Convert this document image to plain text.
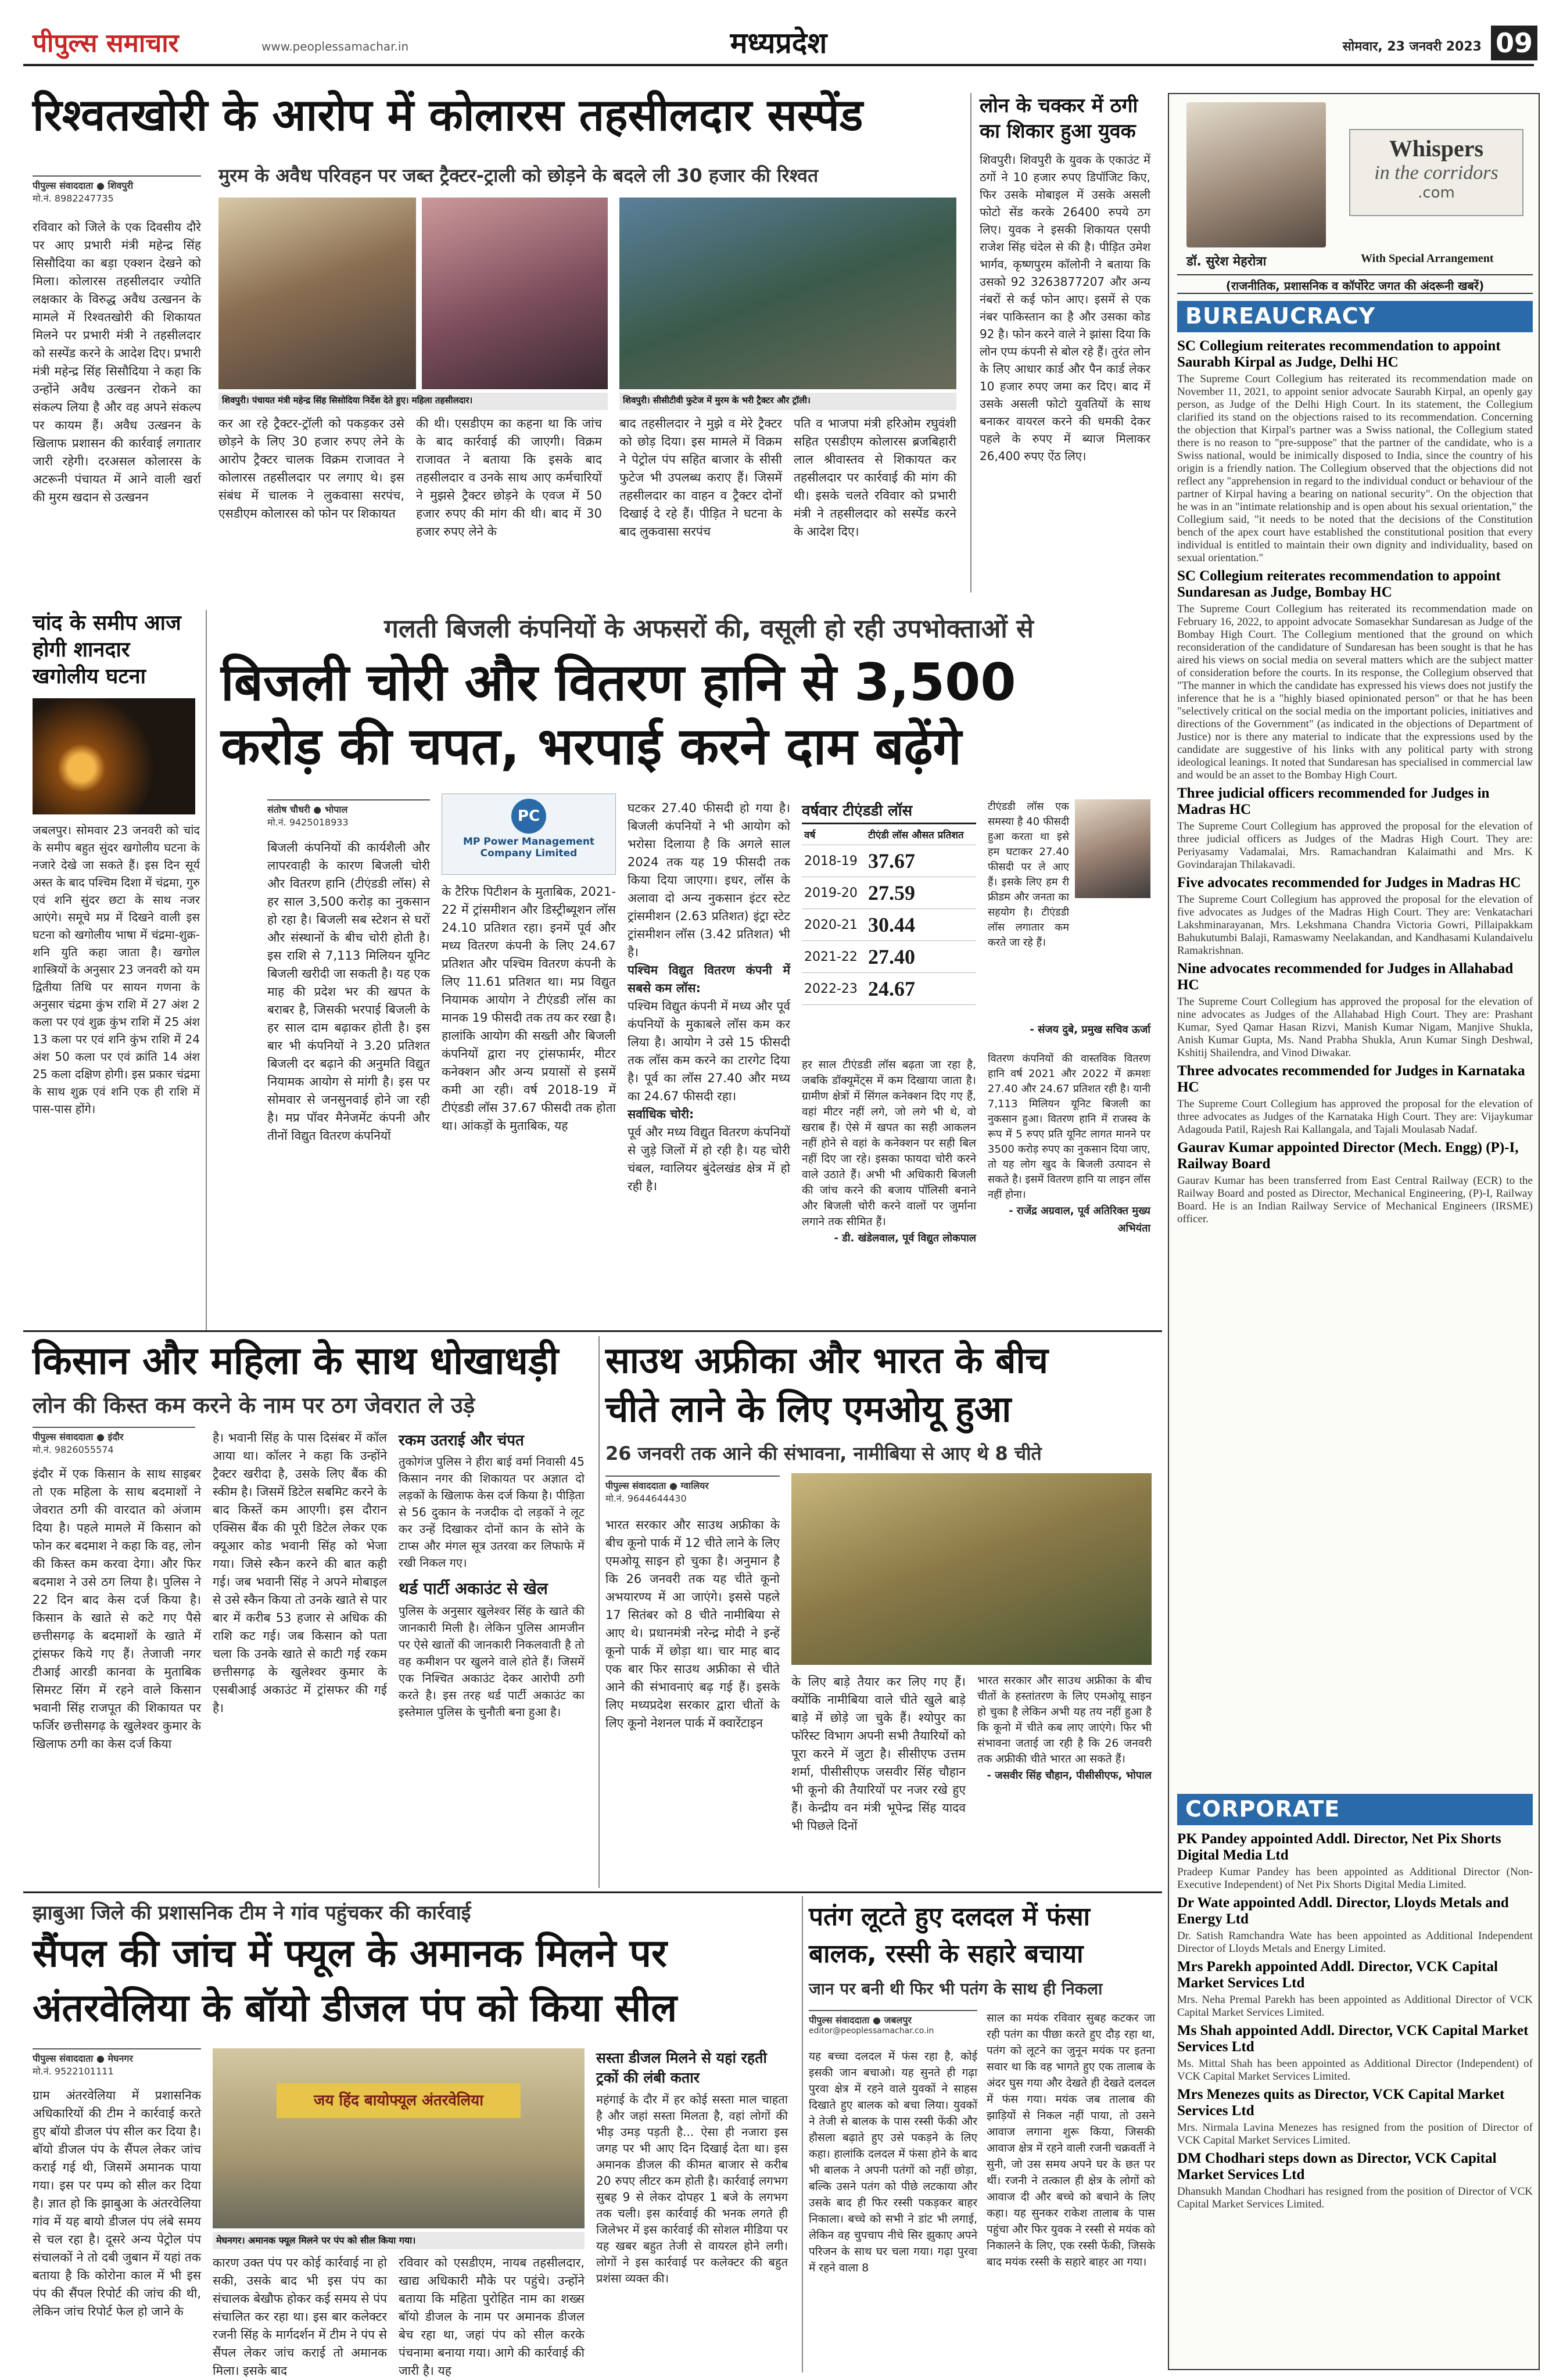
पीपुल्स समाचार	www.peoplessamachar.in	मध्यप्रदेश	सोमवार, 23 जनवरी 2023 09
रिश्वतखोरी के आरोप में कोलारस तहसीलदार सस्पेंड
मुरम के अवैध परिवहन पर जब्त ट्रैक्टर-ट्राली को छोड़ने के बदले ली 30 हजार की रिश्वत
पीपुल्स संवाददाता ● शिवपुरी
मो.नं. 8982247735
रविवार को जिले के एक दिवसीय दौरे पर आए प्रभारी मंत्री महेन्द्र सिंह सिसौदिया का बड़ा एक्शन देखने को मिला। कोलारस तहसीलदार ज्योति लक्षकार के विरुद्ध अवैध उत्खनन के मामले में रिश्वतखोरी की शिकायत मिलने पर प्रभारी मंत्री ने तहसीलदार को सस्पेंड करने के आदेश दिए। प्रभारी मंत्री महेन्द्र सिंह सिसौदिया ने कहा कि उन्होंने अवैध उत्खनन रोकने का संकल्प लिया है और वह अपने संकल्प पर कायम हैं। अवैध उत्खनन के खिलाफ प्रशासन की कार्रवाई लगातार जारी रहेगी। दरअसल कोलारस के अटरूनी पंचायत में आने वाली खर्रा की मुरम खदान से उत्खनन
शिवपुरी। पंचायत मंत्री महेन्द्र सिंह सिसोदिया निर्देश देते हुए। महिला तहसीलदार।	शिवपुरी। सीसीटीवी फुटेज में मुरम के भरी ट्रैक्टर और ट्रॉली।
कर आ रहे ट्रैक्टर-ट्रॉली को पकड़कर उसे छोड़ने के लिए 30 हजार रुपए लेने के आरोप ट्रैक्टर चालक विक्रम राजावत ने कोलारस तहसीलदार पर लगाए थे। इस संबंध में चालक ने लुकवासा सरपंच, एसडीएम कोलारस को फोन पर शिकायत
की थी। एसडीएम का कहना था कि जांच के बाद कार्रवाई की जाएगी। विक्रम राजावत ने बताया कि इसके बाद तहसीलदार व उनके साथ आए कर्मचारियों ने मुझसे ट्रैक्टर छोड़ने के एवज में 50 हजार रुपए की मांग की थी। बाद में 30 हजार रुपए लेने के
बाद तहसीलदार ने मुझे व मेरे ट्रैक्टर को छोड़ दिया। इस मामले में विक्रम ने पेट्रोल पंप सहित बाजार के सीसी फुटेज भी उपलब्ध कराए हैं। जिसमें तहसीलदार का वाहन व ट्रैक्टर दोनों दिखाई दे रहे हैं। पीड़ित ने घटना के बाद लुकवासा सरपंच
पति व भाजपा मंत्री हरिओम रघुवंशी सहित एसडीएम कोलारस ब्रजबिहारी लाल श्रीवास्तव से शिकायत कर तहसीलदार पर कार्रवाई की मांग की थी। इसके चलते रविवार को प्रभारी मंत्री ने तहसीलदार को सस्पेंड करने के आदेश दिए।
लोन के चक्कर में ठगी का शिकार हुआ युवक
शिवपुरी। शिवपुरी के युवक के एकाउंट में ठगों ने 10 हजार रुपए डिपॉजिट किए, फिर उसके मोबाइल में उसके असली फोटो सेंड करके 26400 रुपये ठग लिए। युवक ने इसकी शिकायत एसपी राजेश सिंह चंदेल से की है। पीड़ित उमेश भार्गव, कृष्णपुरम कॉलोनी ने बताया कि उसको 92 3263877207 और अन्य नंबरों से कई फोन आए। इसमें से एक नंबर पाकिस्तान का है और उसका कोड 92 है। फोन करने वाले ने झांसा दिया कि लोन एप्प कंपनी से बोल रहे हैं। तुरंत लोन के लिए आधार कार्ड और पैन कार्ड लेकर 10 हजार रुपए जमा कर दिए। बाद में उसके असली फोटो युवतियों के साथ बनाकर वायरल करने की धमकी देकर पहले के रुपए में ब्याज मिलाकर 26,400 रुपए ऐंठ लिए।
Whispers
in the corridors
.com
डॉ. सुरेश मेहरोत्रा	With Special Arrangement
(राजनीतिक, प्रशासनिक व कॉर्पोरेट जगत की अंदरूनी खबरें)
BUREAUCRACY
SC Collegium reiterates recommendation to appoint Saurabh Kirpal as Judge, Delhi HC
The Supreme Court Collegium has reiterated its recommendation made on November 11, 2021, to appoint senior advocate Saurabh Kirpal, an openly gay person, as Judge of the Delhi High Court. In its statement, the Collegium clarified its stand on the objections raised to its recommendation. Concerning the objection that Kirpal's partner was a Swiss national, the Collegium stated there is no reason to "pre-suppose" that the partner of the candidate, who is a Swiss national, would be inimically disposed to India, since the country of his origin is a friendly nation. The Collegium observed that the objections did not reflect any "apprehension in regard to the individual conduct or behaviour of the partner of Kirpal having a bearing on national security". On the objection that he was in an "intimate relationship and is open about his sexual orientation," the Collegium said, "it needs to be noted that the decisions of the Constitution bench of the apex court have established the constitutional position that every individual is entitled to maintain their own dignity and individuality, based on sexual orientation."
SC Collegium reiterates recommendation to appoint Sundaresan as Judge, Bombay HC
The Supreme Court Collegium has reiterated its recommendation made on February 16, 2022, to appoint advocate Somasekhar Sundaresan as Judge of the Bombay High Court. The Collegium mentioned that the ground on which reconsideration of the candidature of Sundaresan has been sought is that he has aired his views on social media on several matters which are the subject matter of consideration before the courts. In its response, the Collegium observed that "The manner in which the candidate has expressed his views does not justify the inference that he is a "highly biased opinionated person" or that he has been "selectively critical on the social media on the important policies, initiatives and directions of the Government" (as indicated in the objections of Department of Justice) nor is there any material to indicate that the expressions used by the candidate are suggestive of his links with any political party with strong ideological leanings. It noted that Sundaresan has specialised in commercial law and would be an asset to the Bombay High Court.
Three judicial officers recommended for Judges in Madras HC
The Supreme Court Collegium has approved the proposal for the elevation of three judicial officers as Judges of the Madras High Court. They are: Periyasamy Vadamalai, Mrs. Ramachandran Kalaimathi and Mrs. K Govindarajan Thilakavadi.
Five advocates recommended for Judges in Madras HC
The Supreme Court Collegium has approved the proposal for the elevation of five advocates as Judges of the Madras High Court. They are: Venkatachari Lakshminarayanan, Mrs. Lekshmana Chandra Victoria Gowri, Pillaipakkam Bahukutumbi Balaji, Ramaswamy Neelakandan, and Kandhasami Kulandaivelu Ramakrishnan.
Nine advocates recommended for Judges in Allahabad HC
The Supreme Court Collegium has approved the proposal for the elevation of nine advocates as Judges of the Allahabad High Court. They are: Prashant Kumar, Syed Qamar Hasan Rizvi, Manish Kumar Nigam, Manjive Shukla, Anish Kumar Gupta, Ms. Nand Prabha Shukla, Arun Kumar Singh Deshwal, Kshitij Shailendra, and Vinod Diwakar.
Three advocates recommended for Judges in Karnataka HC
The Supreme Court Collegium has approved the proposal for the elevation of three advocates as Judges of the Karnataka High Court. They are: Vijaykumar Adagouda Patil, Rajesh Rai Kallangala, and Tajali Moulasab Nadaf.
Gaurav Kumar appointed Director (Mech. Engg) (P)-I, Railway Board
Gaurav Kumar has been transferred from East Central Railway (ECR) to the Railway Board and posted as Director, Mechanical Engineering, (P)-I, Railway Board. He is an Indian Railway Service of Mechanical Engineers (IRSME) officer.
CORPORATE
PK Pandey appointed Addl. Director, Net Pix Shorts Digital Media Ltd
Pradeep Kumar Pandey has been appointed as Additional Director (Non-Executive Independent) of Net Pix Shorts Digital Media Limited.
Dr Wate appointed Addl. Director, Lloyds Metals and Energy Ltd
Dr. Satish Ramchandra Wate has been appointed as Additional Independent Director of Lloyds Metals and Energy Limited.
Mrs Parekh appointed Addl. Director, VCK Capital Market Services Ltd
Mrs. Neha Premal Parekh has been appointed as Additional Director of VCK Capital Market Services Limited.
Ms Shah appointed Addl. Director, VCK Capital Market Services Ltd
Ms. Mittal Shah has been appointed as Additional Director (Independent) of VCK Capital Market Services Limited.
Mrs Menezes quits as Director, VCK Capital Market Services Ltd
Mrs. Nirmala Lavina Menezes has resigned from the position of Director of VCK Capital Market Services Limited.
DM Chodhari steps down as Director, VCK Capital Market Services Ltd
Dhansukh Mandan Chodhari has resigned from the position of Director of VCK Capital Market Services Limited.
चांद के समीप आज होगी शानदार खगोलीय घटना
जबलपुर। सोमवार 23 जनवरी को चांद के समीप बहुत सुंदर खगोलीय घटना के नजारे देखे जा सकते हैं। इस दिन सूर्य अस्त के बाद पश्चिम दिशा में चंद्रमा, गुरु एवं शनि सुंदर छटा के साथ नजर आएंगे। समूचे मप्र में दिखने वाली इस घटना को खगोलीय भाषा में चंद्रमा-शुक्र-शनि युति कहा जाता है। खगोल शास्त्रियों के अनुसार 23 जनवरी को यम द्वितीया तिथि पर सायन गणना के अनुसार चंद्रमा कुंभ राशि में 27 अंश 2 कला पर एवं शुक्र कुंभ राशि में 25 अंश 13 कला पर एवं शनि कुंभ राशि में 24 अंश 50 कला पर एवं क्रांति 14 अंश 25 कला दक्षिण होगी। इस प्रकार चंद्रमा के साथ शुक्र एवं शनि एक ही राशि में पास-पास होंगे।
गलती बिजली कंपनियों के अफसरों की, वसूली हो रही उपभोक्ताओं से
बिजली चोरी और वितरण हानि से 3,500
करोड़ की चपत, भरपाई करने दाम बढ़ेंगे
संतोष चौधरी ● भोपाल
मो.नं. 9425018933	PC
MP Power Management Company Limited
बिजली कंपनियों की कार्यशैली और लापरवाही के कारण बिजली चोरी और वितरण हानि (टीएंडडी लॉस) से हर साल 3,500 करोड़ का नुकसान हो रहा है। बिजली सब स्टेशन से घरों और संस्थानों के बीच चोरी होती है। इस राशि से 7,113 मिलियन यूनिट बिजली खरीदी जा सकती है। यह एक माह की प्रदेश भर की खपत के बराबर है, जिसकी भरपाई बिजली के हर साल दाम बढ़ाकर होती है। इस बार भी कंपनियों ने 3.20 प्रतिशत बिजली दर बढ़ाने की अनुमति विद्युत नियामक आयोग से मांगी है। इस पर सोमवार से जनसुनवाई होने जा रही है। मप्र पॉवर मैनेजमेंट कंपनी और तीनों विद्युत वितरण कंपनियों
के टैरिफ पिटीशन के मुताबिक, 2021-22 में ट्रांसमीशन और डिस्ट्रीब्यूशन लॉस 24.10 प्रतिशत रहा। इनमें पूर्व और मध्य वितरण कंपनी के लिए 24.67 प्रतिशत और पश्चिम वितरण कंपनी के लिए 11.61 प्रतिशत था। मप्र विद्युत नियामक आयोग ने टीएंडडी लॉस का मानक 19 फीसदी तक तय कर रखा है। हालांकि आयोग की सख्ती और बिजली कंपनियों द्वारा नए ट्रांसफार्मर, मीटर कनेक्शन और अन्य प्रयासों से इसमें कमी आ रही। वर्ष 2018-19 में टीएंडडी लॉस 37.67 फीसदी तक होता था। आंकड़ों के मुताबिक, यह
घटकर 27.40 फीसदी हो गया है। बिजली कंपनियों ने भी आयोग को भरोसा दिलाया है कि अगले साल 2024 तक यह 19 फीसदी तक किया दिया जाएगा। इधर, लॉस के अलावा दो अन्य नुकसान इंटर स्टेट ट्रांसमीशन (2.63 प्रतिशत) इंट्रा स्टेट ट्रांसमीशन लॉस (3.42 प्रतिशत) भी है।
पश्चिम विद्युत वितरण कंपनी में सबसे कम लॉस:
पश्चिम विद्युत कंपनी में मध्य और पूर्व कंपनियों के मुकाबले लॉस कम कर लिया है। आयोग ने उसे 15 फीसदी तक लॉस कम करने का टारगेट दिया है। पूर्व का लॉस 27.40 और मध्य का 24.67 फीसदी रहा।
सर्वाधिक चोरी:
पूर्व और मध्य विद्युत वितरण कंपनियों से जुड़े जिलों में हो रही है। यह चोरी चंबल, ग्वालियर बुंदेलखंड क्षेत्र में हो रही है।
वर्षवार टीएंडडी लॉस
वर्ष	टीएंडी लॉस औसत प्रतिशत
2018-19	37.67
2019-20	27.59
2020-21	30.44
2021-22	27.40
2022-23	24.67
हर साल टीएंडडी लॉस बढ़ता जा रहा है, जबकि डॉक्यूमेंट्स में कम दिखाया जाता है। ग्रामीण क्षेत्रों में सिंगल कनेक्शन दिए गए हैं, वहां मीटर नहीं लगे, जो लगे भी थे, वो खराब हैं। ऐसे में खपत का सही आकलन नहीं होने से वहां के कनेक्शन पर सही बिल नहीं दिए जा रहे। इसका फायदा चोरी करने वाले उठाते हैं। अभी भी अधिकारी बिजली की जांच करने की बजाय पॉलिसी बनाने और बिजली चोरी करने वालों पर जुर्माना लगाने तक सीमित हैं।
- डी. खंडेलवाल, पूर्व विद्युत लोकपाल
टीएंडडी लॉस एक समस्या है 40 फीसदी हुआ करता था इसे हम घटाकर 27.40 फीसदी पर ले आए हैं। इसके लिए हम री फ्रीडम और जनता का सहयोग है। टीएंडडी लॉस लगातार कम करते जा रहे हैं।
- संजय दुबे, प्रमुख सचिव ऊर्जा
वितरण कंपनियों की वास्तविक वितरण हानि वर्ष 2021 और 2022 में क्रमशः 27.40 और 24.67 प्रतिशत रही है। यानी 7,113 मिलियन यूनिट बिजली का नुकसान हुआ। वितरण हानि में राजस्व के रूप में 5 रुपए प्रति यूनिट लागत मानने पर 3500 करोड़ रुपए का नुकसान दिया जाए, तो यह लोग खुद के बिजली उत्पादन से सकते है। इसमें वितरण हानि या लाइन लॉस नहीं होना।
- राजेंद्र अग्रवाल, पूर्व अतिरिक्त मुख्य अभियंता
किसान और महिला के साथ धोखाधड़ी
लोन की किस्त कम करने के नाम पर ठग जेवरात ले उड़े
पीपुल्स संवाददाता ● इंदौर
मो.नं. 9826055574
इंदौर में एक किसान के साथ साइबर तो एक महिला के साथ बदमाशों ने जेवरात ठगी की वारदात को अंजाम दिया है। पहले मामले में किसान को फोन कर बदमाश ने कहा कि वह, लोन की किस्त कम करवा देगा। और फिर बदमाश ने उसे ठग लिया है। पुलिस ने 22 दिन बाद केस दर्ज किया है। किसान के खाते से कटे गए पैसे छत्तीसगढ़ के बदमाशों के खाते में ट्रांसफर किये गए हैं। तेजाजी नगर टीआई आरडी कानवा के मुताबिक सिमरट सिंग में रहने वाले किसान भवानी सिंह राजपूत की शिकायत पर फर्जिर छत्तीसगढ़ के खुलेश्वर कुमार के खिलाफ ठगी का केस दर्ज किया
है। भवानी सिंह के पास दिसंबर में कॉल आया था। कॉलर ने कहा कि उन्होंने ट्रैक्टर खरीदा है, उसके लिए बैंक की स्कीम है। जिसमें डिटेल सबमिट करने के बाद किस्तें कम आएगी। इस दौरान एक्सिस बैंक की पूरी डिटेल लेकर एक क्यूआर कोड भवानी सिंह को भेजा गया। जिसे स्कैन करने की बात कही गई। जब भवानी सिंह ने अपने मोबाइल से उसे स्कैन किया तो उनके खाते से पार बार में करीब 53 हजार से अधिक की राशि कट गई। जब किसान को पता चला कि उनके खाते से काटी गई रकम छत्तीसगढ़ के खुलेश्वर कुमार के एसबीआई अकाउंट में ट्रांसफर की गई है।
रकम उतराई और चंपत
तुकोगंज पुलिस ने हीरा बाई वर्मा निवासी 45 किसान नगर की शिकायत पर अज्ञात दो लड़कों के खिलाफ केस दर्ज किया है। पीड़िता से 56 दुकान के नजदीक दो लड़कों ने लूट कर उन्हें दिखाकर दोनों कान के सोने के टाप्स और मंगल सूत्र उतरवा कर लिफाफे में रखी निकल गए।
थर्ड पार्टी अकाउंट से खेल
पुलिस के अनुसार खुलेश्वर सिंह के खाते की जानकारी मिली है। लेकिन पुलिस आमजीन पर ऐसे खातों की जानकारी निकलवाती है तो वह कमीशन पर खुलने वाले होते हैं। जिसमें एक निश्चित अकाउंट देकर आरोपी ठगी करते है। इस तरह थर्ड पार्टी अकाउंट का इस्तेमाल पुलिस के चुनौती बना हुआ है।
साउथ अफ्रीका और भारत के बीच
चीते लाने के लिए एमओयू हुआ
26 जनवरी तक आने की संभावना, नामीबिया से आए थे 8 चीते
पीपुल्स संवाददाता ● ग्वालियर
मो.नं. 9644644430
भारत सरकार और साउथ अफ्रीका के बीच कूनो पार्क में 12 चीते लाने के लिए एमओयू साइन हो चुका है। अनुमान है कि 26 जनवरी तक यह चीते कूनो अभयारण्य में आ जाएंगे। इससे पहले 17 सितंबर को 8 चीते नामीबिया से आए थे। प्रधानमंत्री नरेन्द्र मोदी ने इन्हें कूनो पार्क में छोड़ा था। चार माह बाद एक बार फिर साउथ अफ्रीका से चीते आने की संभावनाएं बढ़ गई हैं। इसके लिए मध्यप्रदेश सरकार द्वारा चीतों के लिए कूनो नेशनल पार्क में क्वारेंटाइन
के लिए बाड़े तैयार कर लिए गए हैं। क्योंकि नामीबिया वाले चीते खुले बाड़े बाड़े में छोड़े जा चुके हैं। श्योपुर का फॉरेस्ट विभाग अपनी सभी तैयारियों को पूरा करने में जुटा है। सीसीएफ उत्तम शर्मा, पीसीसीएफ जसवीर सिंह चौहान भी कूनो की तैयारियों पर नजर रखे हुए हैं। केन्द्रीय वन मंत्री भूपेन्द्र सिंह यादव भी पिछले दिनों
भारत सरकार और साउथ अफ्रीका के बीच चीतों के हस्तांतरण के लिए एमओयू साइन हो चुका है लेकिन अभी यह तय नहीं हुआ है कि कूनो में चीते कब लाए जाएंगे। फिर भी संभावना जताई जा रही है कि 26 जनवरी तक अफ्रीकी चीते भारत आ सकते हैं।
- जसवीर सिंह चौहान, पीसीसीएफ, भोपाल
झाबुआ जिले की प्रशासनिक टीम ने गांव पहुंचकर की कार्रवाई
सैंपल की जांच में फ्यूल के अमानक मिलने पर
अंतरवेलिया के बॉयो डीजल पंप को किया सील
पीपुल्स संवाददाता ● मेघनगर
मो.नं. 9522101111
ग्राम अंतरवेलिया में प्रशासनिक अधिकारियों की टीम ने कार्रवाई करते हुए बॉयो डीजल पंप सील कर दिया है। बॉयो डीजल पंप के सैंपल लेकर जांच कराई गई थी, जिसमें अमानक पाया गया। इस पर पम्प को सील कर दिया है। ज्ञात हो कि झाबुआ के अंतरवेलिया गांव में यह बायो डीजल पंप लंबे समय से चल रहा है। दूसरे अन्य पेट्रोल पंप संचालकों ने तो दबी जुबान में यहां तक बताया है कि कोरोना काल में भी इस पंप की सैंपल रिपोर्ट की जांच की थी, लेकिन जांच रिपोर्ट फेल हो जाने के
जय हिंद बायोफ्यूल अंतरवेलिया
मेघनगर। अमानक फ्यूल मिलने पर पंप को सील किया गया।
कारण उक्त पंप पर कोई कार्रवाई ना हो सकी, उसके बाद भी इस पंप का संचालक बेखौफ होकर कई समय से पंप संचालित कर रहा था। इस बार कलेक्टर रजनी सिंह के मार्गदर्शन में टीम ने पंप से सैंपल लेकर जांच कराई तो अमानक मिला। इसके बाद
रविवार को एसडीएम, नायब तहसीलदार, खाद्य अधिकारी मौके पर पहुंचे। उन्होंने बताया कि महिता पुरोहित नाम का शख्स बॉयो डीजल के नाम पर अमानक डीजल बेच रहा था, जहां पंप को सील करके पंचनामा बनाया गया। आगे की कार्रवाई की जारी है। यह
सस्ता डीजल मिलने से यहां रहती ट्रकों की लंबी कतार
महंगाई के दौर में हर कोई सस्ता माल चाहता है और जहां सस्ता मिलता है, वहां लोगों की भीड़ उमड़ पड़ती है... ऐसा ही नजारा इस जगह पर भी आए दिन दिखाई देता था। इस अमानक डीजल की कीमत बाजार से करीब 20 रुपए लीटर कम होती है। कार्रवाई लगभग सुबह 9 से लेकर दोपहर 1 बजे के लगभग तक चली। इस कार्रवाई की भनक लगते ही जिलेभर में इस कार्रवाई की सोशल मीडिया पर यह खबर बहुत तेजी से वायरल होने लगी। लोगों ने इस कार्रवाई पर कलेक्टर की बहुत प्रशंसा व्यक्त की।
पतंग लूटते हुए दलदल में फंसा
बालक, रस्सी के सहारे बचाया
जान पर बनी थी फिर भी पतंग के साथ ही निकला
पीपुल्स संवाददाता ● जबलपुर
editor@peoplessamachar.co.in
यह बच्चा दलदल में फंस रहा है, कोई इसकी जान बचाओ। यह सुनते ही गढ़ा पुरवा क्षेत्र में रहने वाले युवकों ने साहस दिखाते हुए बालक को बचा लिया। युवकों ने तेजी से बालक के पास रस्सी फेंकी और हौसला बढ़ाते हुए उसे पकड़ने के लिए कहा। हालांकि दलदल में फंसा होने के बाद भी बालक ने अपनी पतंगों को नहीं छोड़ा, बल्कि उसने पतंग को पीछे लटकाया और उसके बाद ही फिर रस्सी पकड़कर बाहर निकाला। बच्चे को सभी ने डांट भी लगाई, लेकिन वह चुपचाप नीचे सिर झुकाए अपने परिजन के साथ घर चला गया। गढ़ा पुरवा में रहने वाला 8
साल का मयंक रविवार सुबह कटकर जा रही पतंग का पीछा करते हुए दौड़ रहा था, पतंग को लूटने का जुनून मयंक पर इतना सवार था कि वह भागते हुए एक तालाब के अंदर घुस गया और देखते ही देखते दलदल में फंस गया। मयंक जब तालाब की झाड़ियों से निकल नहीं पाया, तो उसने आवाज लगाना शुरू किया, जिसकी आवाज क्षेत्र में रहने वाली रजनी चक्रवर्ती ने सुनी, जो उस समय अपने घर के छत पर थीं। रजनी ने तत्काल ही क्षेत्र के लोगों को आवाज दी और बच्चे को बचाने के लिए कहा। यह सुनकर राकेश तालाब के पास पहुंचा और फिर युवक ने रस्सी से मयंक को निकालने के लिए, एक रस्सी फेंकी, जिसके बाद मयंक रस्सी के सहारे बाहर आ गया।
